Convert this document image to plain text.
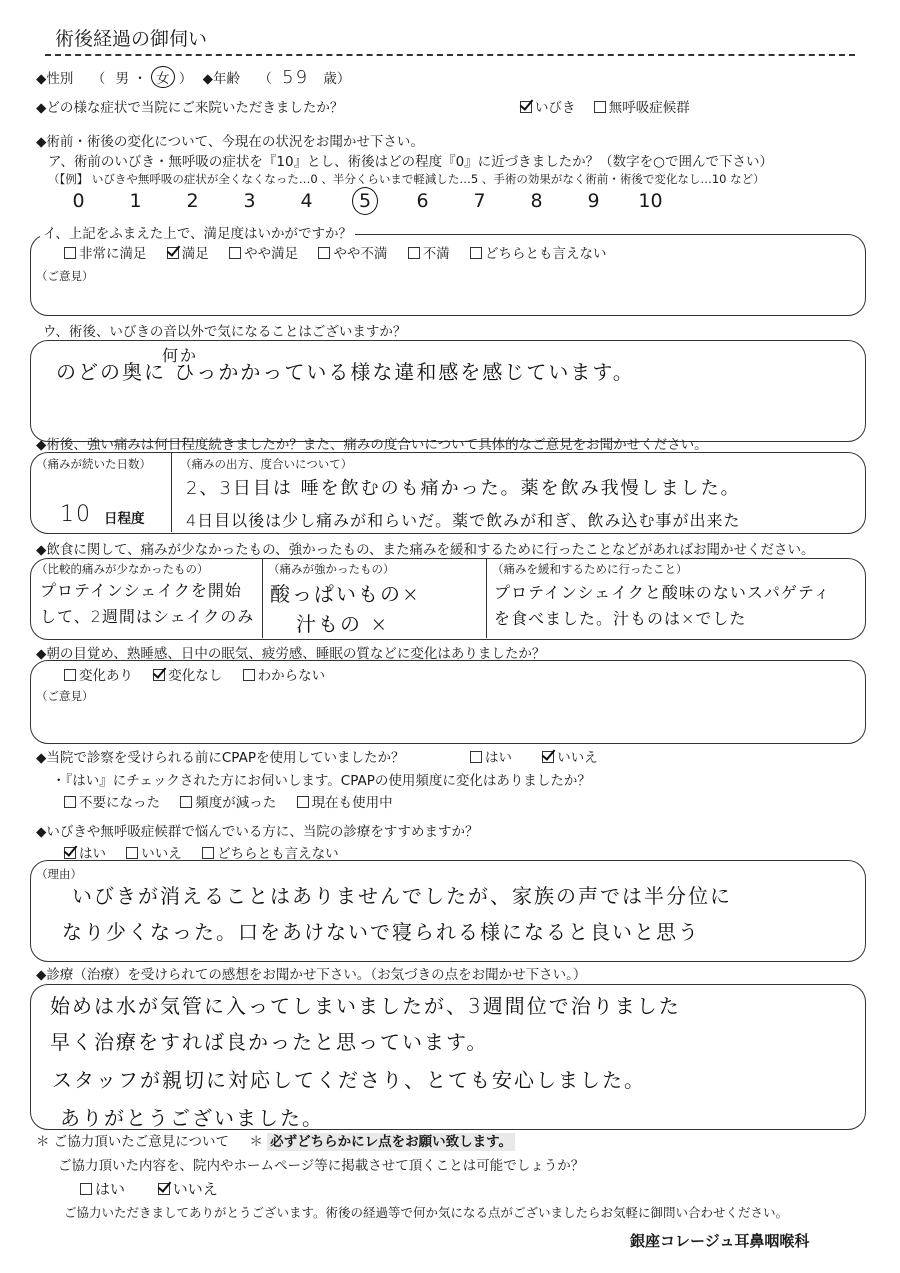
術後経過の御伺い
◆性別 （ 男 ・ 女 ） ◆年齢 （ 59 歳）
◆どの様な症状で当院にご来院いただきましたか？	いびき 無呼吸症候群
◆術前・術後の変化について、今現在の状況をお聞かせ下さい。
ア、術前のいびき・無呼吸の症状を『10』とし、術後はどの程度『0』に近づきましたか？（数字を○で囲んで下さい）
（【例】 いびきや無呼吸の症状が全くなくなった…0 、半分くらいまで軽減した…5 、手術の効果がなく術前・術後で変化なし…10 など）
0 1 2 3 4 5 6 7 8 9 10
イ、上記をふまえた上で、満足度はいかがですか？
非常に満足	満足	やや満足	やや不満	不満	どちらとも言えない
（ご意見）
ウ、術後、いびきの音以外で気になることはございますか？
何か
のどの奥に ひっかかっている様な違和感を感じています。
◆術後、強い痛みは何日程度続きましたか？また、痛みの度合いについて具体的なご意見をお聞かせください。
（痛みが続いた日数）
10 日程度
（痛みの出方、度合いについて）
2、3日目は 唾を飲むのも痛かった。薬を飲み我慢しました。
4日目以後は少し痛みが和らいだ。薬で飲みが和ぎ、飲み込む事が出来た
◆飲食に関して、痛みが少なかったもの、強かったもの、また痛みを緩和するために行ったことなどがあればお聞かせください。
（比較的痛みが少なかったもの）
プロテインシェイクを開始
して、2週間はシェイクのみ
（痛みが強かったもの）
酸っぱいもの×
汁もの ×
（痛みを緩和するために行ったこと）
プロテインシェイクと酸味のないスパゲティ
を食べました。汁ものは×でした
◆朝の目覚め、熟睡感、日中の眠気、疲労感、睡眠の質などに変化はありましたか？
変化あり	変化なし	わからない
（ご意見）
◆当院で診察を受けられる前にCPAPを使用していましたか？	はい	いいえ
・『はい』にチェックされた方にお伺いします。CPAPの使用頻度に変化はありましたか？
不要になった	頻度が減った	現在も使用中
◆いびきや無呼吸症候群で悩んでいる方に、当院の診療をすすめますか？
はい	いいえ	どちらとも言えない
（理由）
いびきが消えることはありませんでしたが、家族の声では半分位に
なり少くなった。口をあけないで寝られる様になると良いと思う
◆診療（治療）を受けられての感想をお聞かせ下さい。（お気づきの点をお聞かせ下さい。）
始めは水が気管に入ってしまいましたが、3週間位で治りました
早く治療をすれば良かったと思っています。
スタッフが親切に対応してくださり、とても安心しました。
ありがとうございました。
＊ ご協力頂いたご意見について ＊ 必ずどちらかにレ点をお願い致します。
ご協力頂いた内容を、院内やホームページ等に掲載させて頂くことは可能でしょうか？
はい	いいえ
ご協力いただきましてありがとうございます。術後の経過等で何か気になる点がございましたらお気軽に御問い合わせください。
銀座コレージュ耳鼻咽喉科
